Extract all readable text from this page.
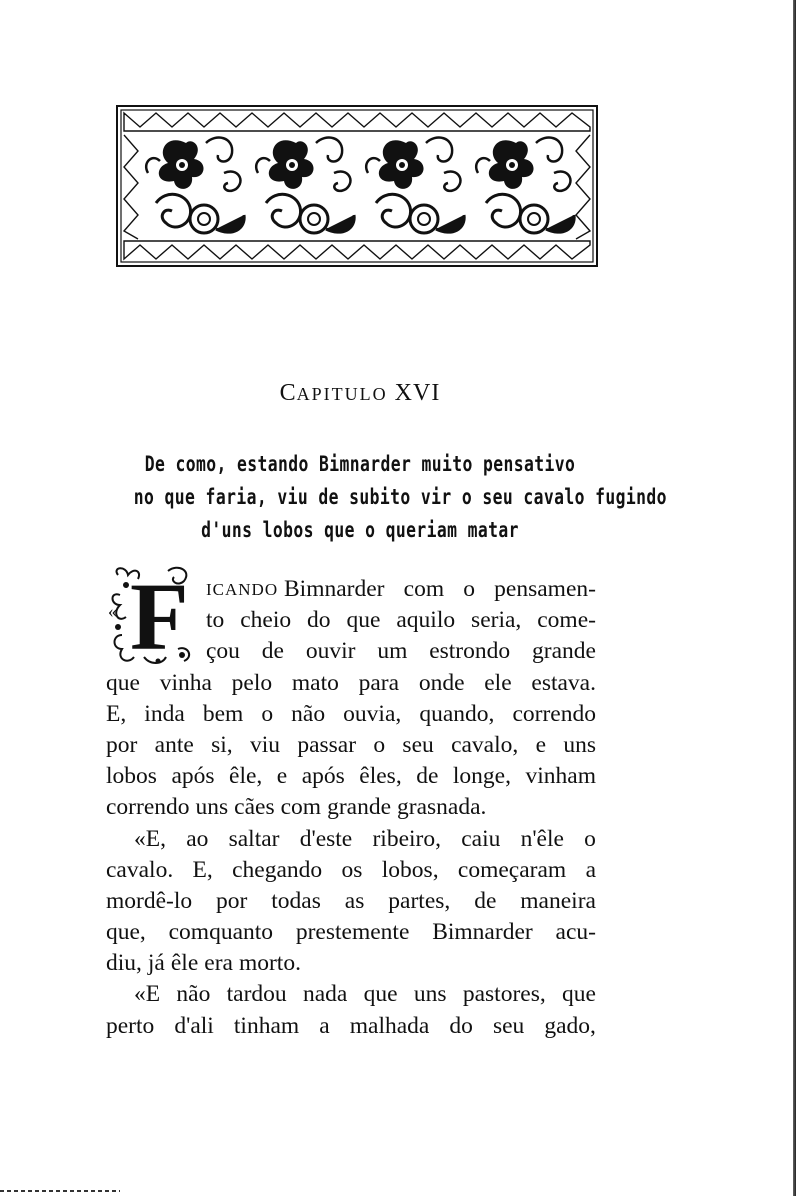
CAPITULO XVI
De como, estando Bimnarder muito pensativo
no que faria, viu de subito vir o seu cavalo fugindo
d'uns lobos que o queriam matar
F
«
ICANDO
Bimnarder com o pensamen-
to cheio do que aquilo seria, come-
çou de ouvir um estrondo grande
que vinha pelo mato para onde ele estava.
E, inda bem o não ouvia, quando, correndo
por ante si, viu passar o seu cavalo, e uns
lobos após êle, e após êles, de longe, vinham
correndo uns cães com grande grasnada.
«E, ao saltar d'este ribeiro, caiu n'êle o
cavalo. E, chegando os lobos, começaram a
mordê-lo por todas as partes, de maneira
que, comquanto prestemente Bimnarder acu-
diu, já êle era morto.
«E não tardou nada que uns pastores, que
perto d'ali tinham a malhada do seu gado,
